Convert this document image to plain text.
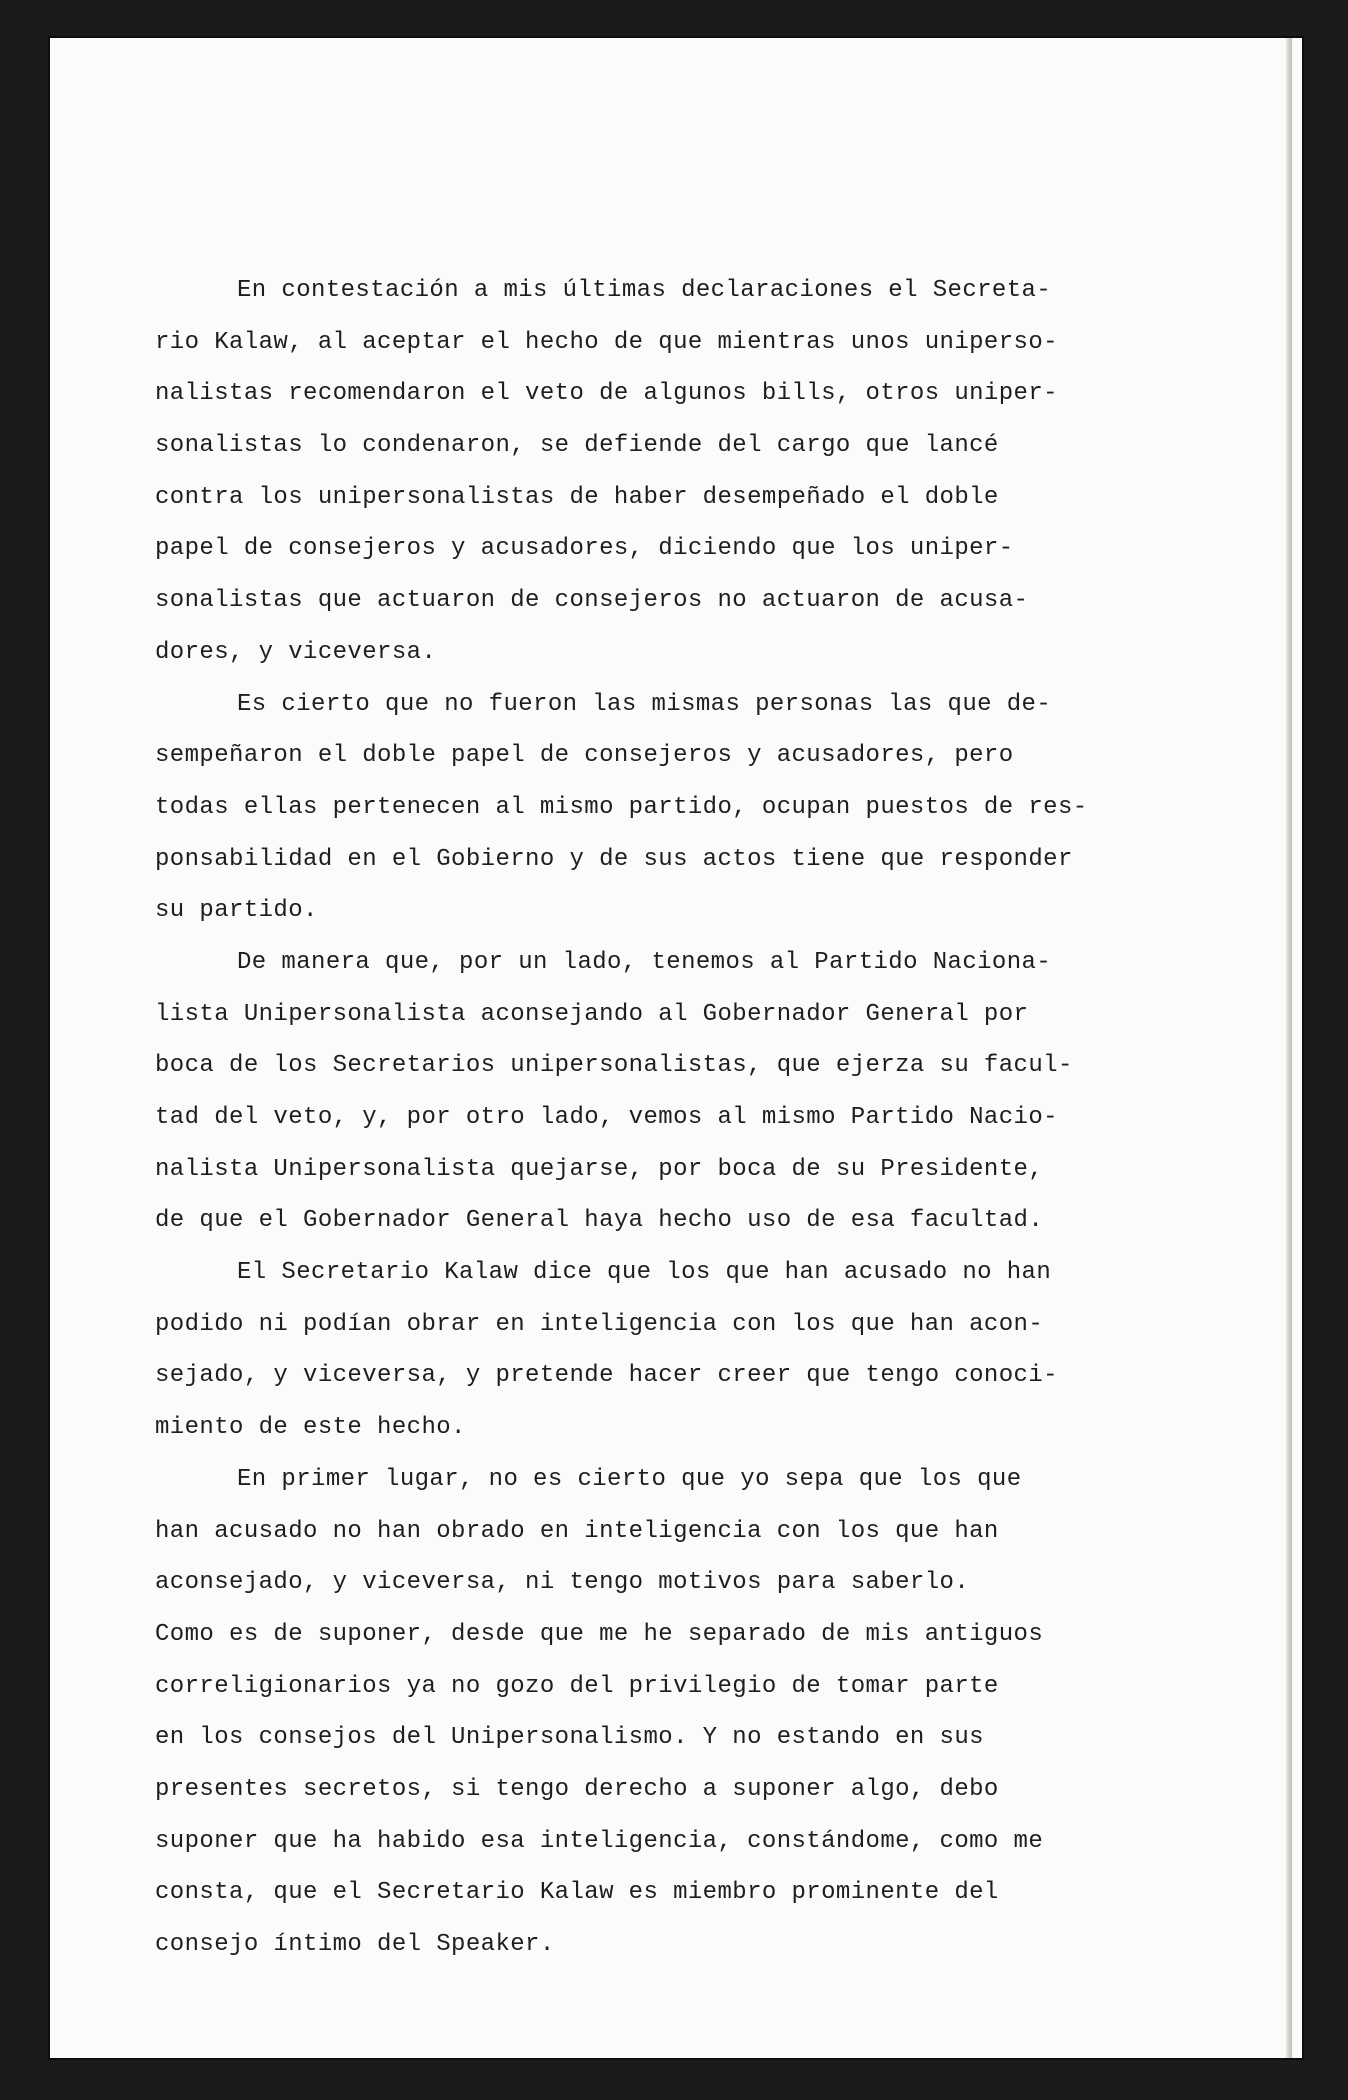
En contestación a mis últimas declaraciones el Secreta-
rio Kalaw, al aceptar el hecho de que mientras unos uniperso-
nalistas recomendaron el veto de algunos bills, otros uniper-
sonalistas lo condenaron, se defiende del cargo que lancé
contra los unipersonalistas de haber desempeñado el doble
papel de consejeros y acusadores, diciendo que los uniper-
sonalistas que actuaron de consejeros no actuaron de acusa-
dores, y viceversa.
Es cierto que no fueron las mismas personas las que de-
sempeñaron el doble papel de consejeros y acusadores, pero
todas ellas pertenecen al mismo partido, ocupan puestos de res-
ponsabilidad en el Gobierno y de sus actos tiene que responder
su partido.
De manera que, por un lado, tenemos al Partido Naciona-
lista Unipersonalista aconsejando al Gobernador General por
boca de los Secretarios unipersonalistas, que ejerza su facul-
tad del veto, y, por otro lado, vemos al mismo Partido Nacio-
nalista Unipersonalista quejarse, por boca de su Presidente,
de que el Gobernador General haya hecho uso de esa facultad.
El Secretario Kalaw dice que los que han acusado no han
podido ni podían obrar en inteligencia con los que han acon-
sejado, y viceversa, y pretende hacer creer que tengo conoci-
miento de este hecho.
En primer lugar, no es cierto que yo sepa que los que
han acusado no han obrado en inteligencia con los que han
aconsejado, y viceversa, ni tengo motivos para saberlo.
Como es de suponer, desde que me he separado de mis antiguos
correligionarios ya no gozo del privilegio de tomar parte
en los consejos del Unipersonalismo. Y no estando en sus
presentes secretos, si tengo derecho a suponer algo, debo
suponer que ha habido esa inteligencia, constándome, como me
consta, que el Secretario Kalaw es miembro prominente del
consejo íntimo del Speaker.
